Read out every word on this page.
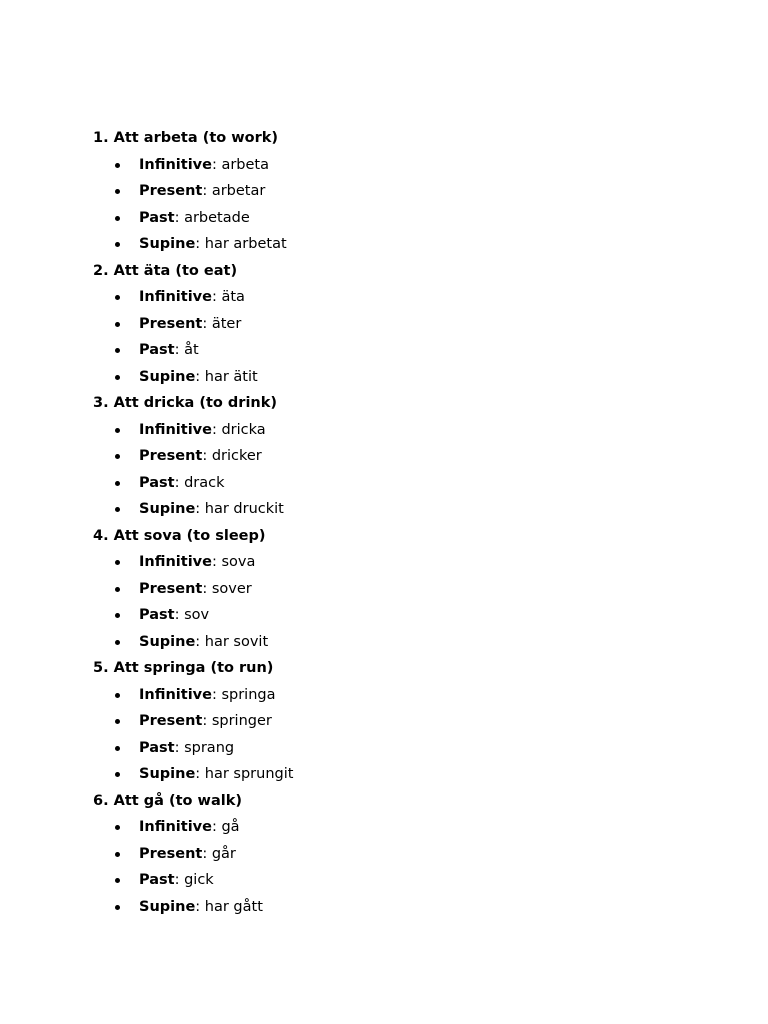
1. Att arbeta (to work)
Infinitive: arbeta
Present: arbetar
Past: arbetade
Supine: har arbetat
2. Att äta (to eat)
Infinitive: äta
Present: äter
Past: åt
Supine: har ätit
3. Att dricka (to drink)
Infinitive: dricka
Present: dricker
Past: drack
Supine: har druckit
4. Att sova (to sleep)
Infinitive: sova
Present: sover
Past: sov
Supine: har sovit
5. Att springa (to run)
Infinitive: springa
Present: springer
Past: sprang
Supine: har sprungit
6. Att gå (to walk)
Infinitive: gå
Present: går
Past: gick
Supine: har gått
